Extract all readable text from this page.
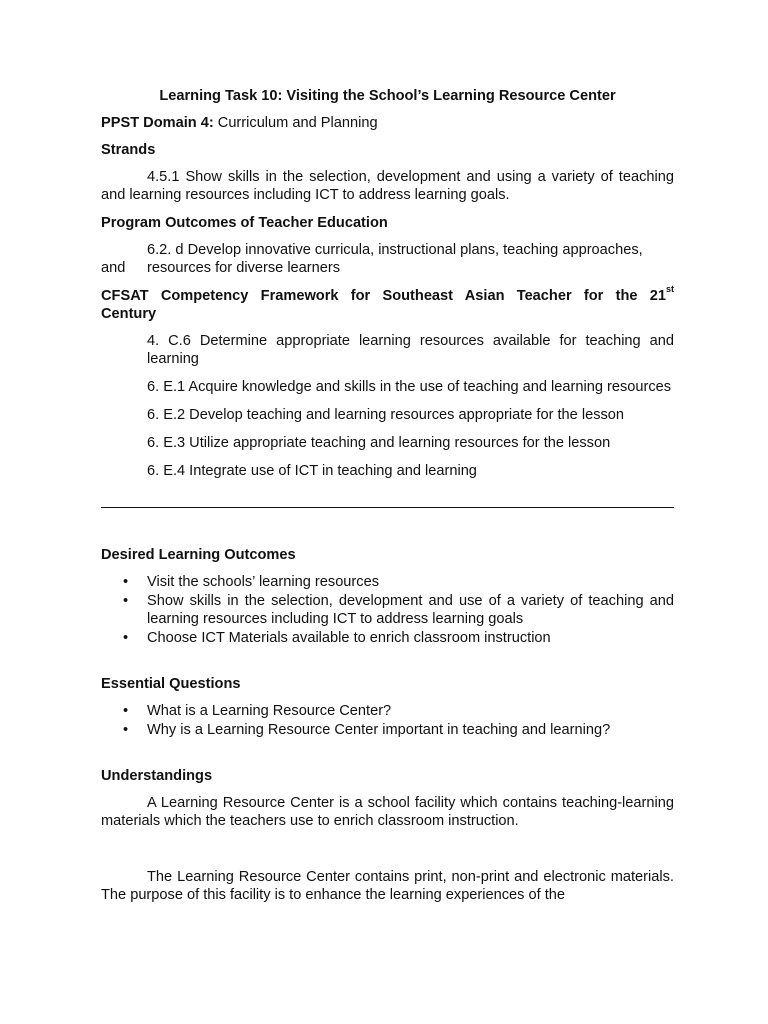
Learning Task 10: Visiting the School’s Learning Resource Center
PPST Domain 4: Curriculum and Planning
Strands
4.5.1 Show skills in the selection, development and using a variety of teaching and learning resources including ICT to address learning goals.
Program Outcomes of Teacher Education
6.2. d Develop innovative curricula, instructional plans, teaching approaches,
and	resources for diverse learners
CFSAT Competency Framework for Southeast Asian Teacher for the 21st
Century
4. C.6 Determine appropriate learning resources available for teaching and learning
6. E.1 Acquire knowledge and skills in the use of teaching and learning resources
6. E.2 Develop teaching and learning resources appropriate for the lesson
6. E.3 Utilize appropriate teaching and learning resources for the lesson
6. E.4 Integrate use of ICT in teaching and learning
Desired Learning Outcomes
• Visit the schools’ learning resources
• Show skills in the selection, development and use of a variety of teaching and learning resources including ICT to address learning goals
• Choose ICT Materials available to enrich classroom instruction
Essential Questions
• What is a Learning Resource Center?
• Why is a Learning Resource Center important in teaching and learning?
Understandings
A Learning Resource Center is a school facility which contains teaching-learning materials which the teachers use to enrich classroom instruction.
The Learning Resource Center contains print, non-print and electronic materials. The purpose of this facility is to enhance the learning experiences of the
